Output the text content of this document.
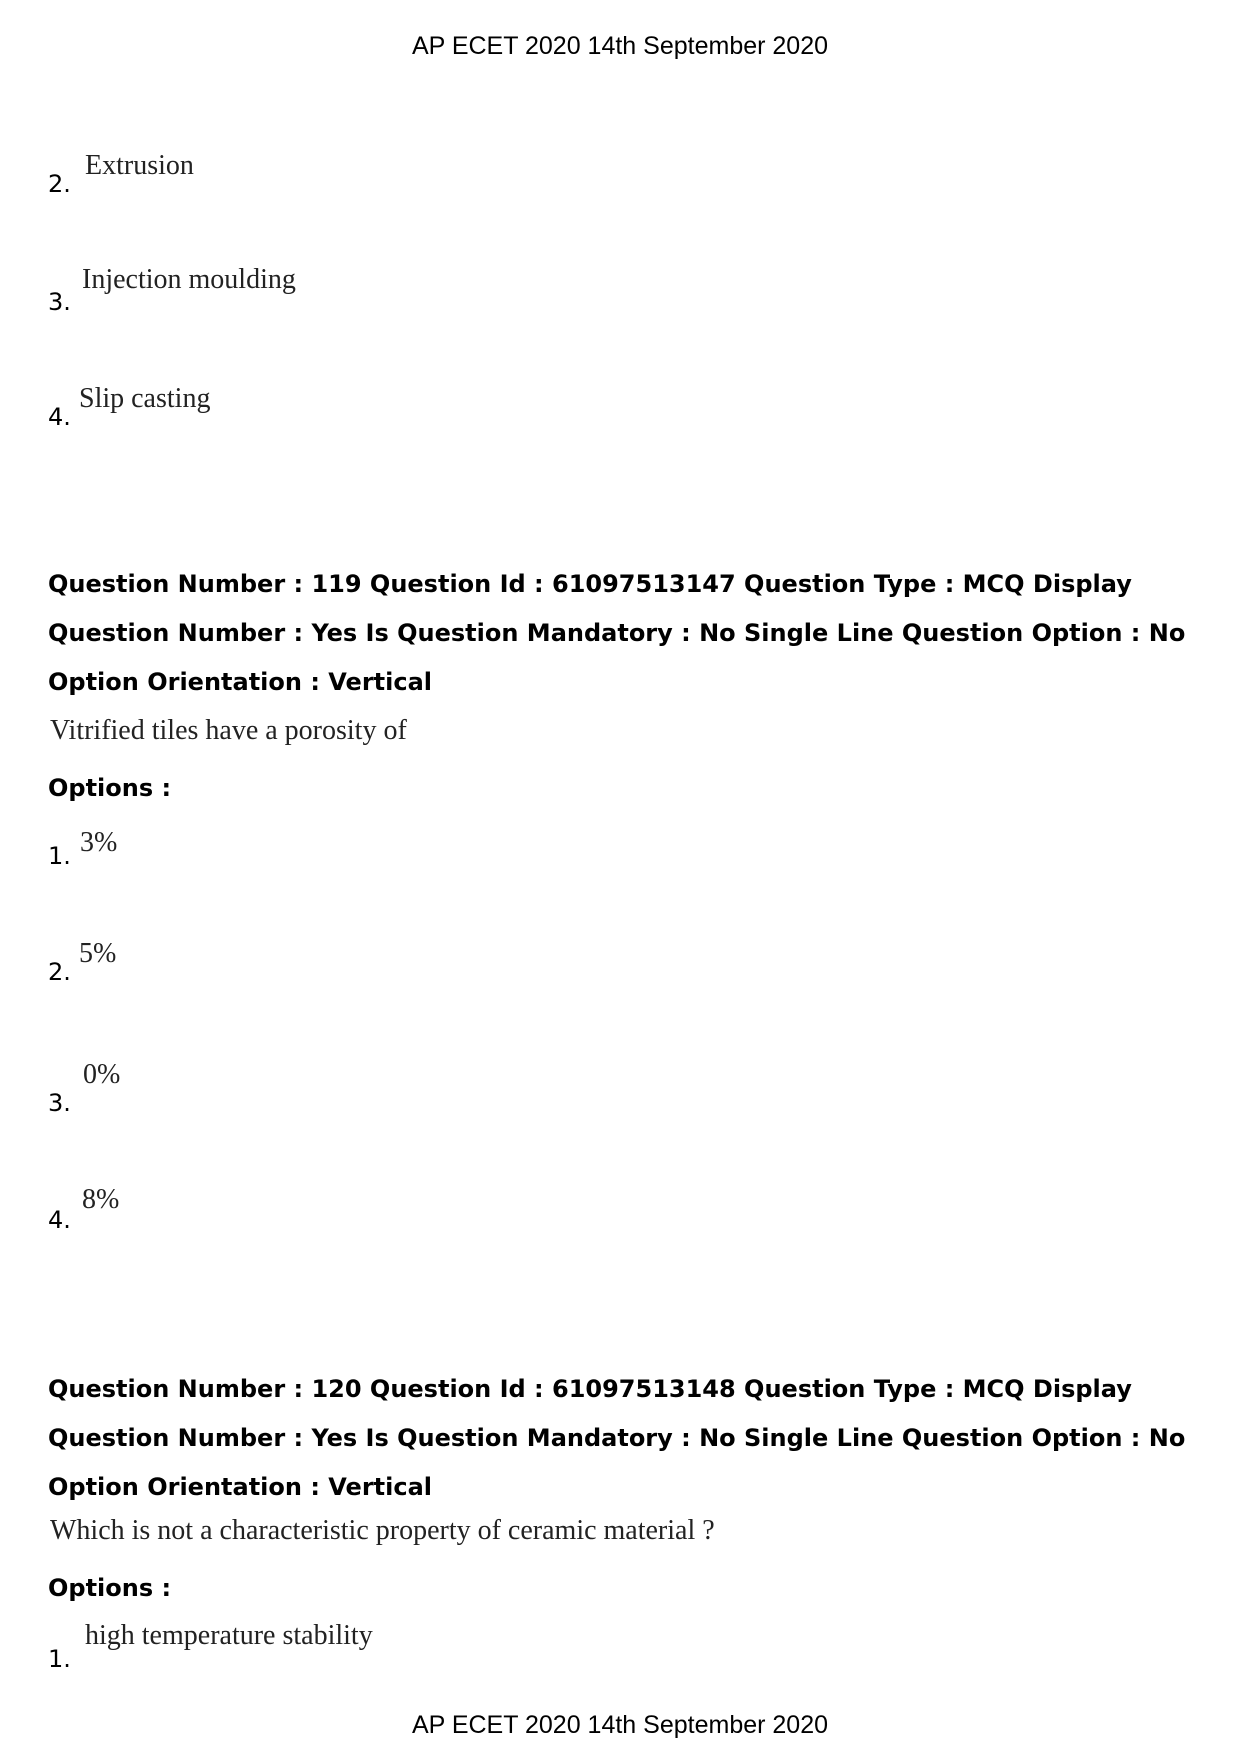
AP ECET 2020 14th September 2020
2.
Extrusion
3.
Injection moulding
4.
Slip casting
Question Number : 119 Question Id : 61097513147 Question Type : MCQ Display Question Number : Yes Is Question Mandatory : No Single Line Question Option : No Option Orientation : Vertical
Vitrified tiles have a porosity of
Options :
1. 3%
2.
5%
3.
0%
4.
8%
Question Number : 120 Question Id : 61097513148 Question Type : MCQ Display Question Number : Yes Is Question Mandatory : No Single Line Question Option : No Option Orientation : Vertical
Which is not a characteristic property of ceramic material ?
Options :
1.
high temperature stability
AP ECET 2020 14th September 2020
